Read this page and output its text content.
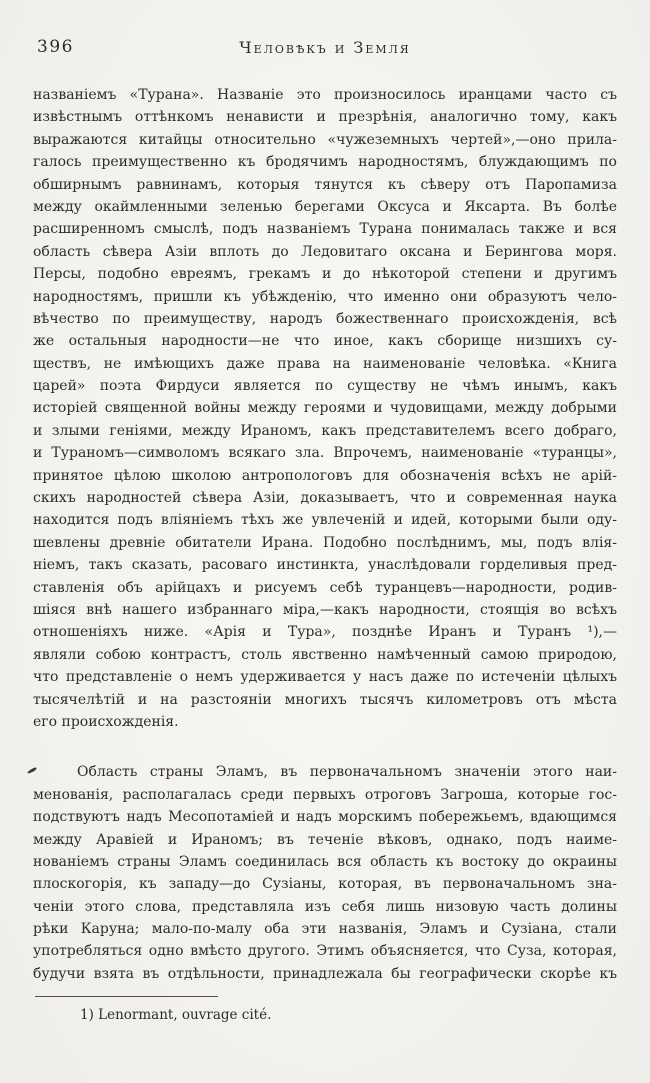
396	Человѣкъ и Земля
названіемъ «Турана». Названіе это произносилось иранцами часто съ
извѣстнымъ оттѣнкомъ ненависти и презрѣнія, аналогично тому, какъ
выражаются китайцы относительно «чужеземныхъ чертей»,—оно прила-
галось преимущественно къ бродячимъ народностямъ, блуждающимъ по
обширнымъ равнинамъ, которыя тянутся къ сѣверу отъ Паропамиза
между окаймленными зеленью берегами Оксуса и Яксарта. Въ болѣе
расширенномъ смыслѣ, подъ названіемъ Турана понималась также и вся
область сѣвера Азіи вплоть до Ледовитаго оксана и Берингова моря.
Персы, подобно евреямъ, грекамъ и до нѣкоторой степени и другимъ
народностямъ, пришли къ убѣжденію, что именно они образуютъ чело-
вѣчество по преимуществу, народъ божественнаго происхожденія, всѣ
же остальныя народности—не что иное, какъ сборище низшихъ су-
ществъ, не имѣющихъ даже права на наименованіе человѣка. «Книга
царей» поэта Фирдуси является по существу не чѣмъ инымъ, какъ
исторіей священной войны между героями и чудовищами, между добрыми
и злыми геніями, между Ираномъ, какъ представителемъ всего добраго,
и Тураномъ—символомъ всякаго зла. Впрочемъ, наименованіе «туранцы»,
принятое цѣлою школою антропологовъ для обозначенія всѣхъ не арій-
скихъ народностей сѣвера Азіи, доказываетъ, что и современная наука
находится подъ вліяніемъ тѣхъ же увлеченій и идей, которыми были оду-
шевлены древніе обитатели Ирана. Подобно послѣднимъ, мы, подъ влія-
ніемъ, такъ сказать, расоваго инстинкта, унаслѣдовали горделивыя пред-
ставленія объ арійцахъ и рисуемъ себѣ туранцевъ—народности, родив-
шіяся внѣ нашего избраннаго міра,—какъ народности, стоящія во всѣхъ
отношеніяхъ ниже. «Арія и Тура», позднѣе Иранъ и Туранъ ¹),—
являли собою контрастъ, столь явственно намѣченный самою природою,
что представленіе о немъ удерживается у насъ даже по истеченіи цѣлыхъ
тысячелѣтій и на разстояніи многихъ тысячъ километровъ отъ мѣста
его происхожденія.
Область страны Эламъ, въ первоначальномъ значеніи этого наи-
менованія, располагалась среди первыхъ отроговъ Загроша, которые гос-
подствуютъ надъ Месопотаміей и надъ морскимъ побережьемъ, вдающимся
между Аравіей и Ираномъ; въ теченіе вѣковъ, однако, подъ наиме-
нованіемъ страны Эламъ соединилась вся область къ востоку до окраины
плоскогорія, къ западу—до Сузіаны, которая, въ первоначальномъ зна-
ченіи этого слова, представляла изъ себя лишь низовую часть долины
рѣки Каруна; мало-по-малу оба эти названія, Эламъ и Сузіана, стали
употребляться одно вмѣсто другого. Этимъ объясняется, что Суза, которая,
будучи взята въ отдѣльности, принадлежала бы географически скорѣе къ
1) Lenormant, ouvrage cité.
